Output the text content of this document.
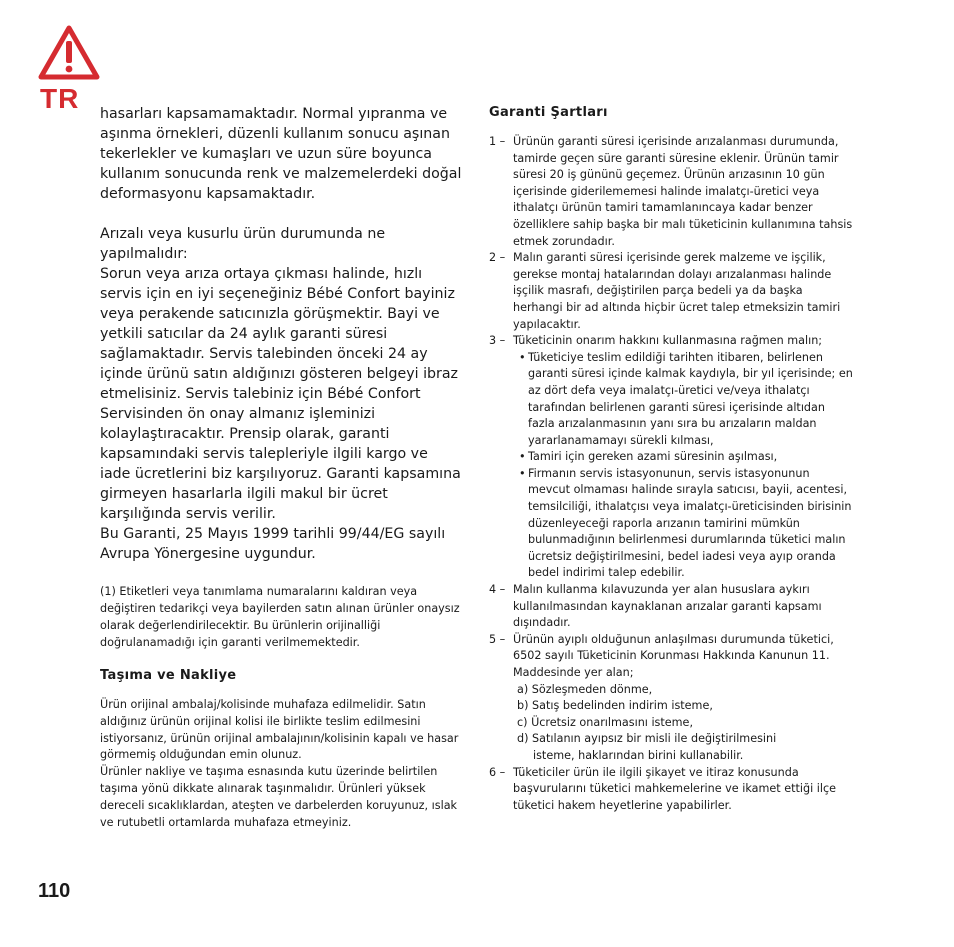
TR hasarları kapsamamaktadır. Normal yıpranma ve aşınma örnekleri, düzenli kullanım sonucu aşınan tekerlekler ve kumaşları ve uzun süre boyunca kullanım sonucunda renk ve malzemelerdeki doğal deformasyonu kapsamaktadır.

Arızalı veya kusurlu ürün durumunda ne yapılmalıdır:

Sorun veya arıza ortaya çıkması halinde, hızlı servis için en iyi seçeneğiniz Bébé Confort bayiniz veya perakende satıcınızla görüşmektir. Bayi ve yetkili satıcılar da 24 aylık garanti süresi sağlamaktadır. Servis talebinden önceki 24 ay içinde ürünü satın aldığınızı gösteren belgeyi ibraz etmelisiniz. Servis talebiniz için Bébé Confort Servisinden ön onay almanız işleminizi kolaylaştıracaktır. Prensip olarak, garanti kapsamındaki servis talepleriyle ilgili kargo ve iade ücretlerini biz karşılıyoruz. Garanti kapsamına girmeyen hasarlarla ilgili makul bir ücret karşılığında servis verilir.

Bu Garanti, 25 Mayıs 1999 tarihli 99/44/EG sayılı Avrupa Yönergesine uygundur.

(1) Etiketleri veya tanımlama numaralarını kaldıran veya değiştiren tedarikçi veya bayilerden satın alınan ürünler onaysız olarak değerlendirilecektir. Bu ürünlerin orijinalliği doğrulanamadığı için garanti verilmemektedir.
Taşıma ve Nakliye

Ürün orijinal ambalaj/kolisinde muhafaza edilmelidir. Satın aldığınız ürünün orijinal kolisi ile birlikte teslim edilmesini istiyorsanız, ürünün orijinal ambalajının/kolisinin kapalı ve hasar görmemiş olduğundan emin olunuz.

Ürünler nakliye ve taşıma esnasında kutu üzerinde belirtilen taşıma yönü dikkate alınarak taşınmalıdır. Ürünleri yüksek dereceli sıcaklıklardan, ateşten ve darbelerden koruyunuz, ıslak ve rutubetli ortamlarda muhafaza etmeyiniz.

Garanti Şartları
1 – Ürünün garanti süresi içerisinde arızalanması durumunda, tamirde geçen süre garanti süresine eklenir. Ürünün tamir süresi 20 iş gününü geçemez. Ürünün arızasının 10 gün içerisinde giderilememesi halinde imalatçı-üretici veya ithalatçı ürünün tamiri tamamlanıncaya kadar benzer özelliklere sahip başka bir malı tüketicinin kullanımına tahsis etmek zorundadır.
2 – Malın garanti süresi içerisinde gerek malzeme ve işçilik, gerekse montaj hatalarından dolayı arızalanması halinde işçilik masrafı, değiştirilen parça bedeli ya da başka herhangi bir ad altında hiçbir ücret talep etmeksizin tamiri yapılacaktır.
3 – Tüketicinin onarım hakkını kullanmasına rağmen malın;
• Tüketiciye teslim edildiği tarihten itibaren, belirlenen garanti süresi içinde kalmak kaydıyla, bir yıl içerisinde; en az dört defa veya imalatçı-üretici ve/veya ithalatçı tarafından belirlenen garanti süresi içerisinde altıdan fazla arızalanmasının yanı sıra bu arızaların maldan yararlanamamayı sürekli kılması,
• Tamiri için gereken azami süresinin aşılması,
• Firmanın servis istasyonunun, servis istasyonunun mevcut olmaması halinde sırayla satıcısı, bayii, acentesi, temsilciliği, ithalatçısı veya imalatçı-üreticisinden birisinin düzenleyeceği raporla arızanın tamirini mümkün bulunmadığının belirlenmesi durumlarında tüketici malın ücretsiz değiştirilmesini, bedel iadesi veya ayıp oranda bedel indirimi talep edebilir.
4 – Malın kullanma kılavuzunda yer alan hususlara aykırı kullanılmasından kaynaklanan arızalar garanti kapsamı dışındadır.
5 – Ürünün ayıplı olduğunun anlaşılması durumunda tüketici, 6502 sayılı Tüketicinin Korunması Hakkında Kanunun 11. Maddesinde yer alan;
a) Sözleşmeden dönme,
b) Satış bedelinden indirim isteme,
c) Ücretsiz onarılmasını isteme,
d) Satılanın ayıpsız bir misli ile değiştirilmesini
isteme, haklarından birini kullanabilir.
6 – Tüketiciler ürün ile ilgili şikayet ve itiraz konusunda başvurularını tüketici mahkemelerine ve ikamet ettiği ilçe tüketici hakem heyetlerine yapabilirler.
110
